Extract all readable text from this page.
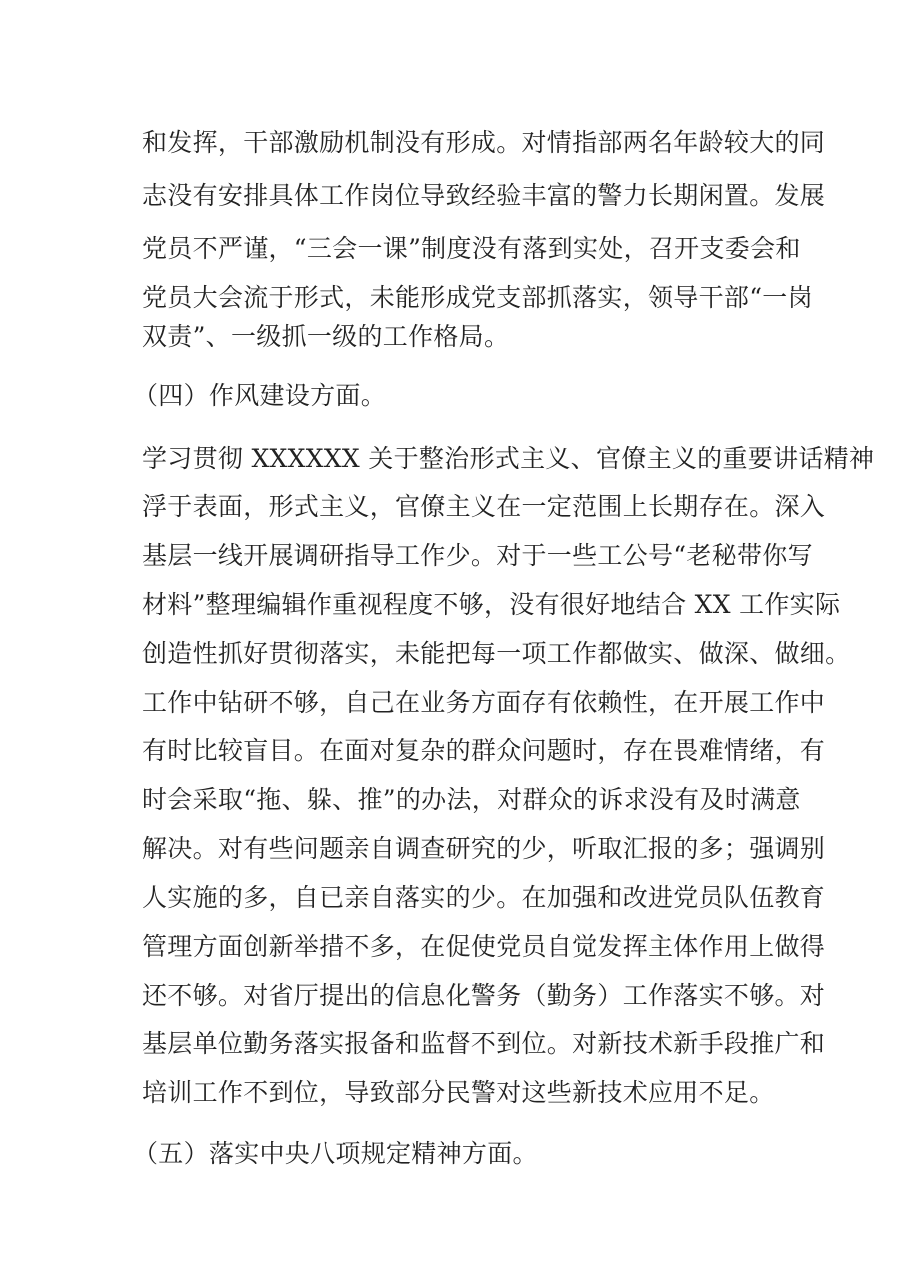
和发挥，干部激励机制没有形成。对情指部两名年龄较大的同
志没有安排具体工作岗位导致经验丰富的警力长期闲置。发展
党员不严谨，“三会一课”制度没有落到实处，召开支委会和
党员大会流于形式，未能形成党支部抓落实，领导干部“一岗
双责”、一级抓一级的工作格局。
（四）作风建设方面。
学习贯彻 XXXXXX 关于整治形式主义、官僚主义的重要讲话精神
浮于表面，形式主义，官僚主义在一定范围上长期存在。深入
基层一线开展调研指导工作少。对于一些工公号“老秘带你写
材料”整理编辑作重视程度不够，没有很好地结合 XX 工作实际
创造性抓好贯彻落实，未能把每一项工作都做实、做深、做细。
工作中钻研不够，自己在业务方面存有依赖性，在开展工作中
有时比较盲目。在面对复杂的群众问题时，存在畏难情绪，有
时会采取“拖、躲、推”的办法，对群众的诉求没有及时满意
解决。对有些问题亲自调查研究的少，听取汇报的多；强调别
人实施的多，自已亲自落实的少。在加强和改进党员队伍教育
管理方面创新举措不多，在促使党员自觉发挥主体作用上做得
还不够。对省厅提出的信息化警务（勤务）工作落实不够。对
基层单位勤务落实报备和监督不到位。对新技术新手段推广和
培训工作不到位，导致部分民警对这些新技术应用不足。
（五）落实中央八项规定精神方面。
